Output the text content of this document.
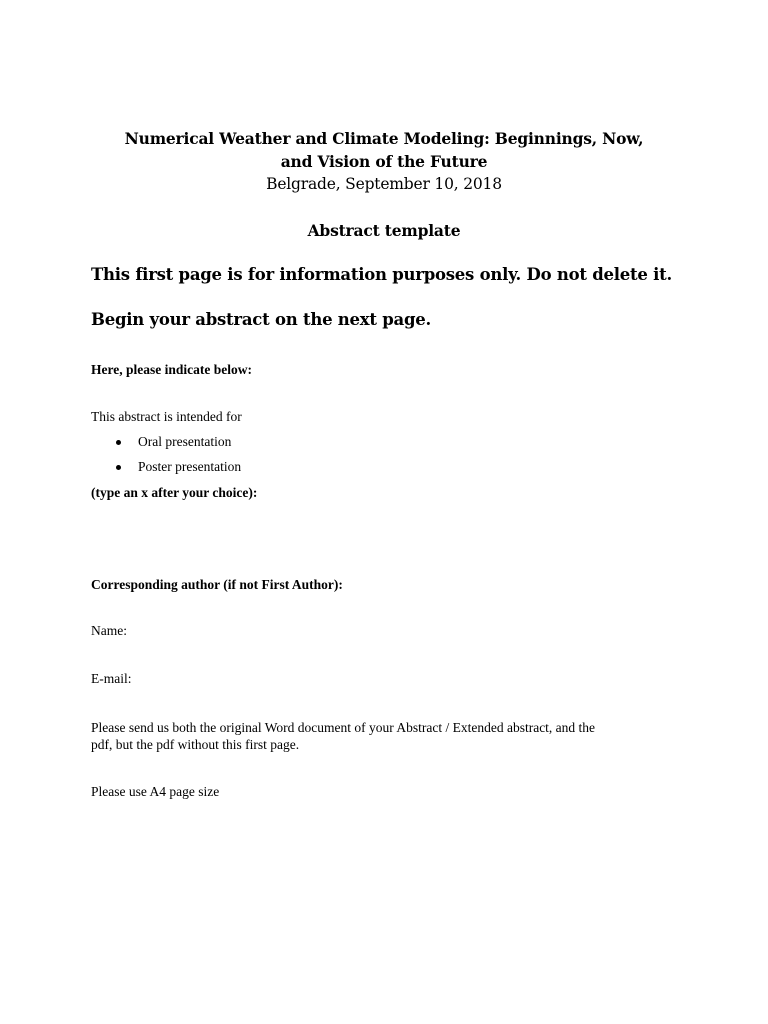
Numerical Weather and Climate Modeling: Beginnings, Now,
and Vision of the Future
Belgrade, September 10, 2018
Abstract template
This first page is for information purposes only. Do not delete it.
Begin your abstract on the next page.
Here, please indicate below:
This abstract is intended for
Oral presentation
Poster presentation
(type an x after your choice):
Corresponding author (if not First Author):
Name:
E-mail:
Please send us both the original Word document of your Abstract / Extended abstract, and the
pdf, but the pdf without this first page.
Please use A4 page size
